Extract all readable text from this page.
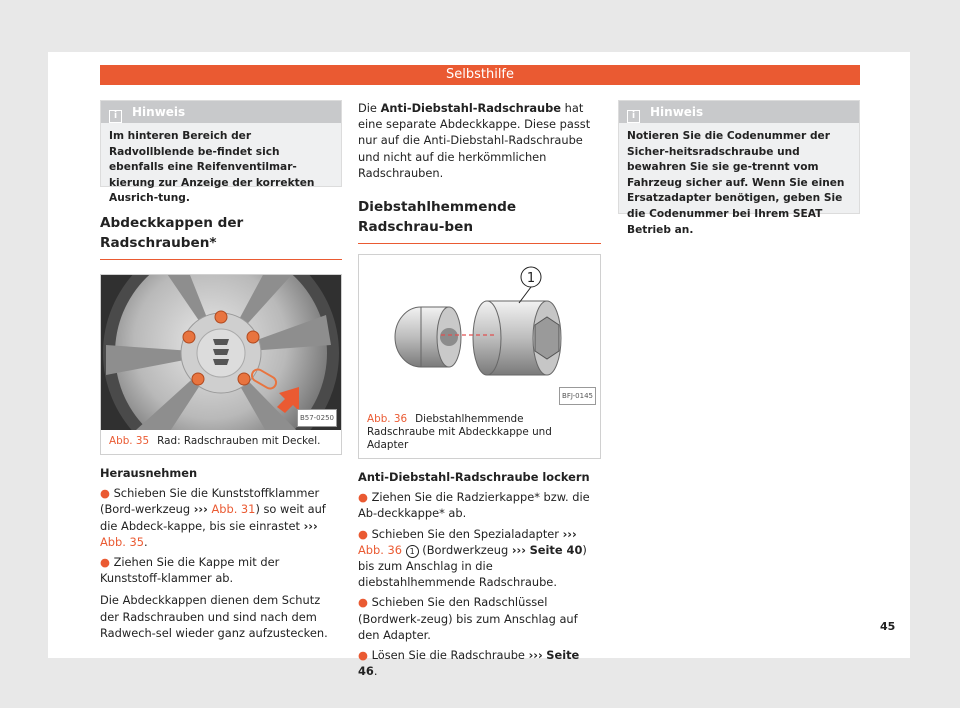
Selbsthilfe
i Hinweis
Im hinteren Bereich der Radvollblende be-findet sich ebenfalls eine Reifenventilmar-kierung zur Anzeige der korrekten Ausrich-tung.
Abdeckkappen der Radschrauben*
B57-0250
Abb. 35 Rad: Radschrauben mit Deckel.

Herausnehmen

● Schieben Sie die Kunststoffklammer (Bord-werkzeug ››› Abb. 31) so weit auf die Abdeck-kappe, bis sie einrastet ››› Abb. 35.

● Ziehen Sie die Kappe mit der Kunststoff-klammer ab.

Die Abdeckkappen dienen dem Schutz der Radschrauben und sind nach dem Radwech-sel wieder ganz aufzustecken.

Die Anti-Diebstahl-Radschraube hat eine separate Abdeckkappe. Diese passt nur auf die Anti-Diebstahl-Radschraube und nicht auf die herkömmlichen Radschrauben.

Diebstahlhemmende Radschrau-ben
1
BFJ-0145
Abb. 36 Diebstahlhemmende Radschraube mit Abdeckkappe und Adapter

Anti-Diebstahl-Radschraube lockern

● Ziehen Sie die Radzierkappe* bzw. die Ab-deckkappe* ab.

● Schieben Sie den Spezialadapter ››› Abb. 36 1 (Bordwerkzeug ››› Seite 40) bis zum Anschlag in die diebstahlhemmende Radschraube.

● Schieben Sie den Radschlüssel (Bordwerk-zeug) bis zum Anschlag auf den Adapter.

● Lösen Sie die Radschraube ››› Seite 46.

i Hinweis
Notieren Sie die Codenummer der Sicher-heitsradschraube und bewahren Sie sie ge-trennt vom Fahrzeug sicher auf. Wenn Sie einen Ersatzadapter benötigen, geben Sie die Codenummer bei Ihrem SEAT Betrieb an.
45
